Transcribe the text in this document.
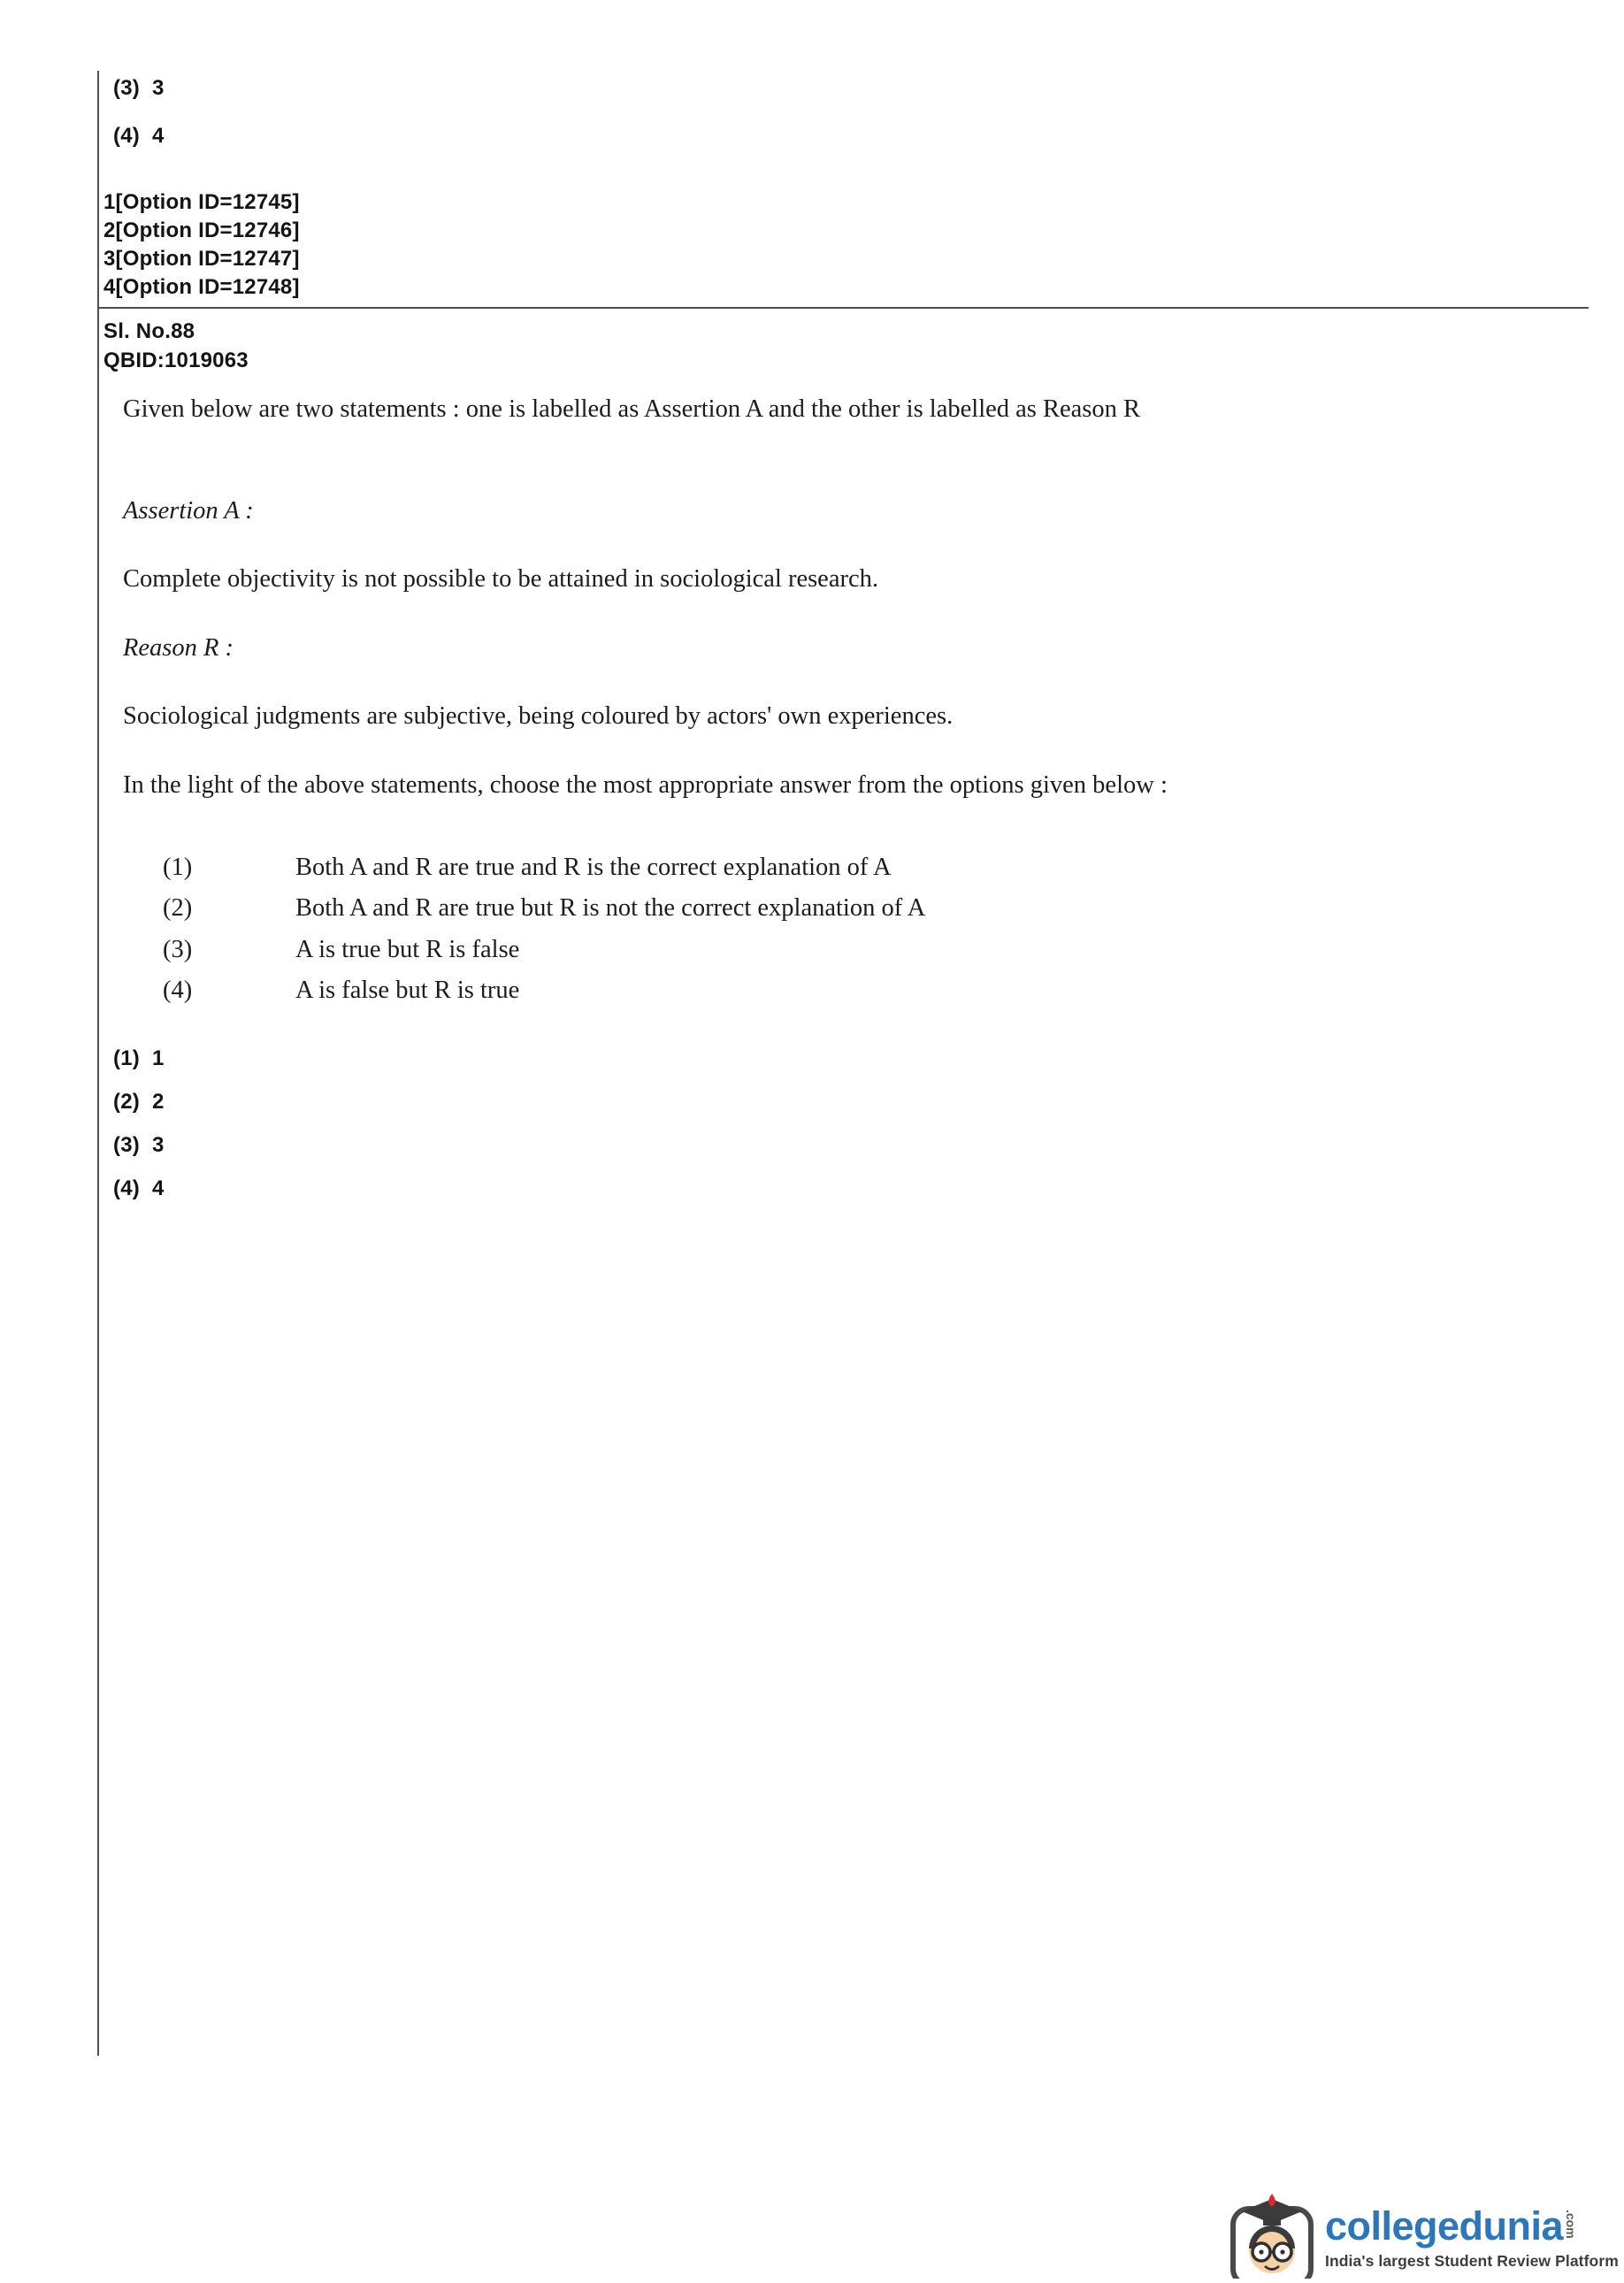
(3) 3
(4) 4
1[Option ID=12745]
2[Option ID=12746]
3[Option ID=12747]
4[Option ID=12748]
Sl. No.88
QBID:1019063
Given below are two statements : one is labelled as Assertion A and the other is labelled as Reason R
Assertion A :
Complete objectivity is not possible to be attained in sociological research.
Reason R :
Sociological judgments are subjective, being coloured by actors' own experiences.
In the light of the above statements, choose the most appropriate answer from the options given below :
(1)	Both A and R are true and R is the correct explanation of A
(2)	Both A and R are true but R is not the correct explanation of A
(3)	A is true but R is false
(4)	A is false but R is true
(1) 1
(2) 2
(3) 3
(4) 4
collegedunia .com
India's largest Student Review Platform
